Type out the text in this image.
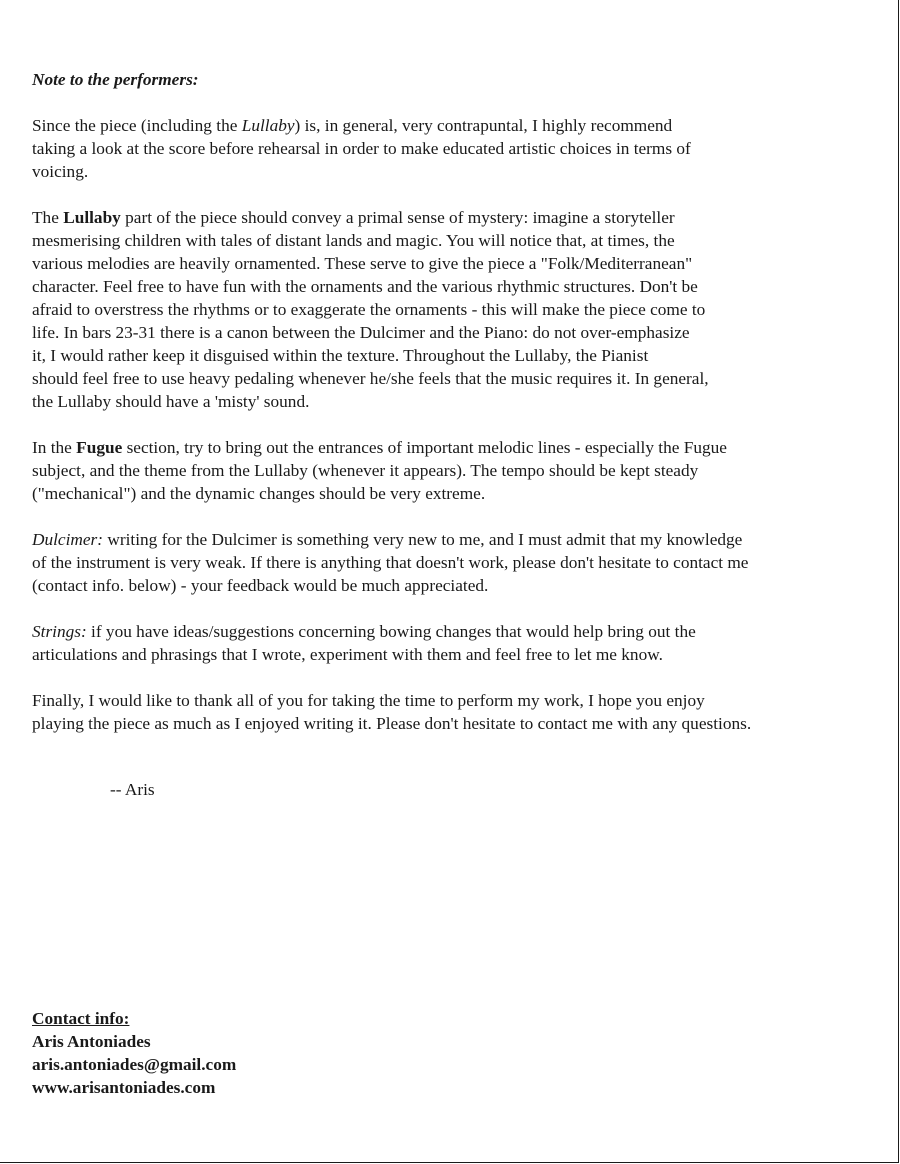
Note to the performers:

Since the piece (including the Lullaby) is, in general, very contrapuntal, I highly recommend
taking a look at the score before rehearsal in order to make educated artistic choices in terms of
voicing.

The Lullaby part of the piece should convey a primal sense of mystery: imagine a storyteller
mesmerising children with tales of distant lands and magic. You will notice that, at times, the
various melodies are heavily ornamented. These serve to give the piece a "Folk/Mediterranean"
character. Feel free to have fun with the ornaments and the various rhythmic structures. Don't be
afraid to overstress the rhythms or to exaggerate the ornaments - this will make the piece come to
life. In bars 23-31 there is a canon between the Dulcimer and the Piano: do not over-emphasize
it, I would rather keep it disguised within the texture. Throughout the Lullaby, the Pianist
should feel free to use heavy pedaling whenever he/she feels that the music requires it. In general,
the Lullaby should have a 'misty' sound.

In the Fugue section, try to bring out the entrances of important melodic lines - especially the Fugue
subject, and the theme from the Lullaby (whenever it appears). The tempo should be kept steady
("mechanical") and the dynamic changes should be very extreme.

Dulcimer: writing for the Dulcimer is something very new to me, and I must admit that my knowledge
of the instrument is very weak. If there is anything that doesn't work, please don't hesitate to contact me
(contact info. below) - your feedback would be much appreciated.

Strings: if you have ideas/suggestions concerning bowing changes that would help bring out the
articulations and phrasings that I wrote, experiment with them and feel free to let me know.

Finally, I would like to thank all of you for taking the time to perform my work, I hope you enjoy
playing the piece as much as I enjoyed writing it. Please don't hesitate to contact me with any questions.

-- Aris
Contact info:
Aris Antoniades
aris.antoniades@gmail.com
www.arisantoniades.com
